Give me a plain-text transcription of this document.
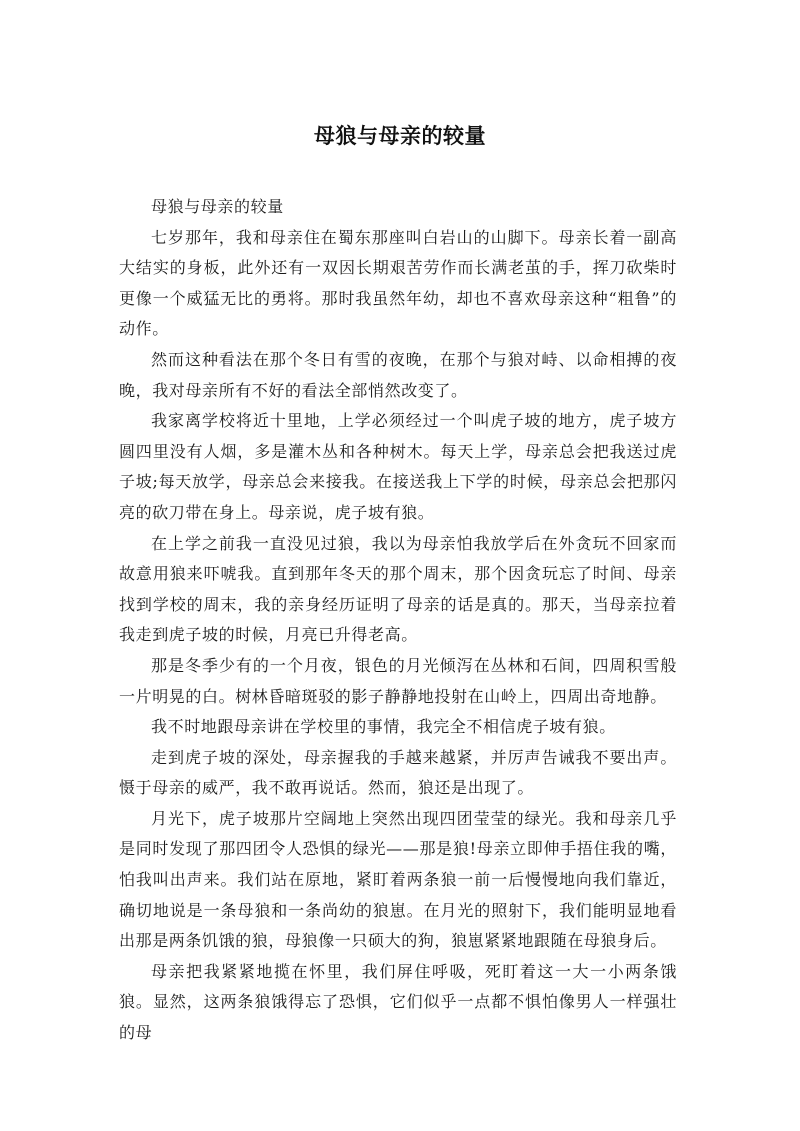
母狼与母亲的较量

母狼与母亲的较量

七岁那年，我和母亲住在蜀东那座叫白岩山的山脚下。母亲长着一副高大结实的身板，此外还有一双因长期艰苦劳作而长满老茧的手，挥刀砍柴时更像一个威猛无比的勇将。那时我虽然年幼，却也不喜欢母亲这种“粗鲁”的动作。

然而这种看法在那个冬日有雪的夜晚，在那个与狼对峙、以命相搏的夜晚，我对母亲所有不好的看法全部悄然改变了。

我家离学校将近十里地，上学必须经过一个叫虎子坡的地方，虎子坡方圆四里没有人烟，多是灌木丛和各种树木。每天上学，母亲总会把我送过虎子坡;每天放学，母亲总会来接我。在接送我上下学的时候，母亲总会把那闪亮的砍刀带在身上。母亲说，虎子坡有狼。

在上学之前我一直没见过狼，我以为母亲怕我放学后在外贪玩不回家而故意用狼来吓唬我。直到那年冬天的那个周末，那个因贪玩忘了时间、母亲找到学校的周末，我的亲身经历证明了母亲的话是真的。那天，当母亲拉着我走到虎子坡的时候，月亮已升得老高。

那是冬季少有的一个月夜，银色的月光倾泻在丛林和石间，四周积雪般一片明晃的白。树林昏暗斑驳的影子静静地投射在山岭上，四周出奇地静。

我不时地跟母亲讲在学校里的事情，我完全不相信虎子坡有狼。

走到虎子坡的深处，母亲握我的手越来越紧，并厉声告诫我不要出声。慑于母亲的威严，我不敢再说话。然而，狼还是出现了。

月光下，虎子坡那片空阔地上突然出现四团莹莹的绿光。我和母亲几乎是同时发现了那四团令人恐惧的绿光——那是狼!母亲立即伸手捂住我的嘴，怕我叫出声来。我们站在原地，紧盯着两条狼一前一后慢慢地向我们靠近，确切地说是一条母狼和一条尚幼的狼崽。在月光的照射下，我们能明显地看出那是两条饥饿的狼，母狼像一只硕大的狗，狼崽紧紧地跟随在母狼身后。

母亲把我紧紧地揽在怀里，我们屏住呼吸，死盯着这一大一小两条饿狼。显然，这两条狼饿得忘了恐惧，它们似乎一点都不惧怕像男人一样强壮的母
